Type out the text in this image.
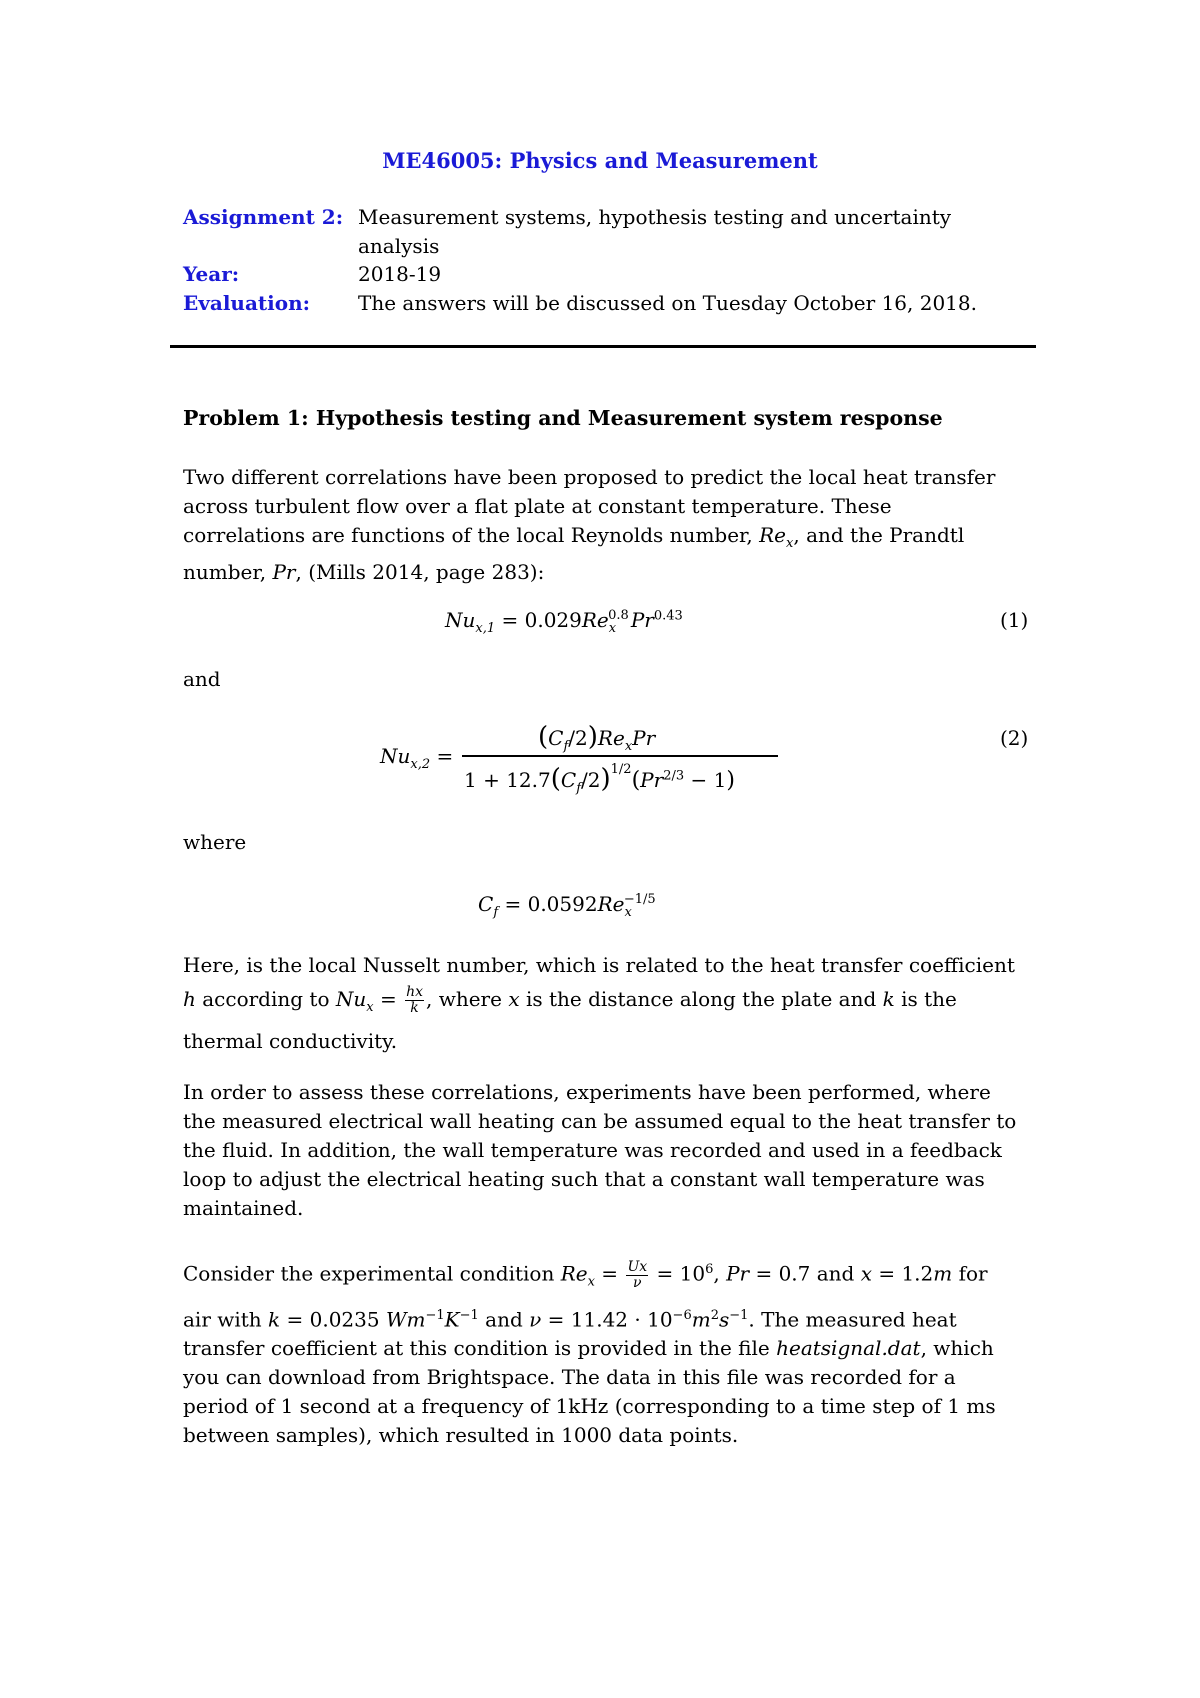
ME46005: Physics and Measurement
Assignment 2: Measurement systems, hypothesis testing and uncertainty
analysis
Year:	2018-19
Evaluation: The answers will be discussed on Tuesday October 16, 2018.
Problem 1: Hypothesis testing and Measurement system response

Two different correlations have been proposed to predict the local heat transfer

across turbulent flow over a flat plate at constant temperature. These

correlations are functions of the local Reynolds number, $Re_x$, and the Prandtl

number, Pr, (Mills 2014, page 283):

$Nu_{x,1} = 0.029Re_x^{0.8}$ $Pr^{0.43}$	(1)
and
$Nu_{x,2}$ =
$(C_f/2)Re_xPr$
$1 + 12.7(C_f/2)^{1/2}(Pr^{2/3} - 1)$
(2)
where
$C_f = 0.0592Re_x^{-1/5}$

Here, is the local Nusselt number, which is related to the heat transfer coefficient

h according to $Nu_x = \frac{hx}{k}$ , where x is the distance along the plate and k is the

thermal conductivity.

In order to assess these correlations, experiments have been performed, where

the measured electrical wall heating can be assumed equal to the heat transfer to

the fluid. In addition, the wall temperature was recorded and used in a feedback

loop to adjust the electrical heating such that a constant wall temperature was

maintained.

Consider the experimental condition $Re_x = \frac{Ux}{\nu} = 10^6$, Pr = 0.7 and x = 1.2m for

air with k = 0.0235 $Wm^{-1}K^{-1}$ and $\nu = 11.42 \cdot 10^{-6}m^2s^{-1}$. The measured heat

transfer coefficient at this condition is provided in the file heatsignal.dat, which

you can download from Brightspace. The data in this file was recorded for a

period of 1 second at a frequency of 1kHz (corresponding to a time step of 1 ms

between samples), which resulted in 1000 data points.
